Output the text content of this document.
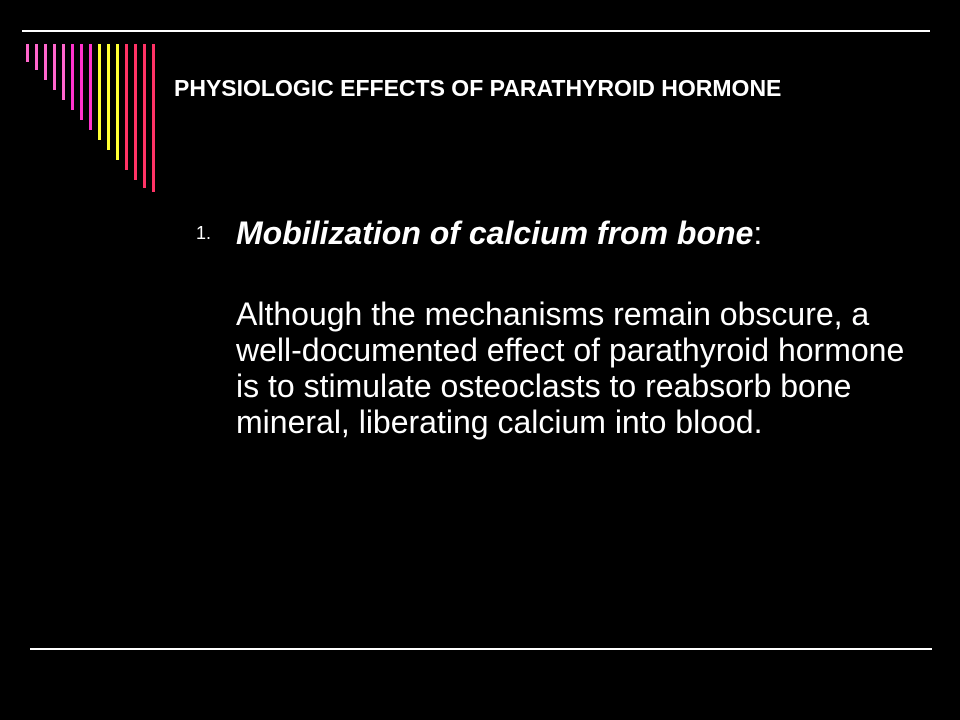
PHYSIOLOGIC EFFECTS OF PARATHYROID HORMONE
1. Mobilization of calcium from bone:
Although the mechanisms remain obscure, a well-documented effect of parathyroid hormone is to stimulate osteoclasts to reabsorb bone mineral, liberating calcium into blood.
